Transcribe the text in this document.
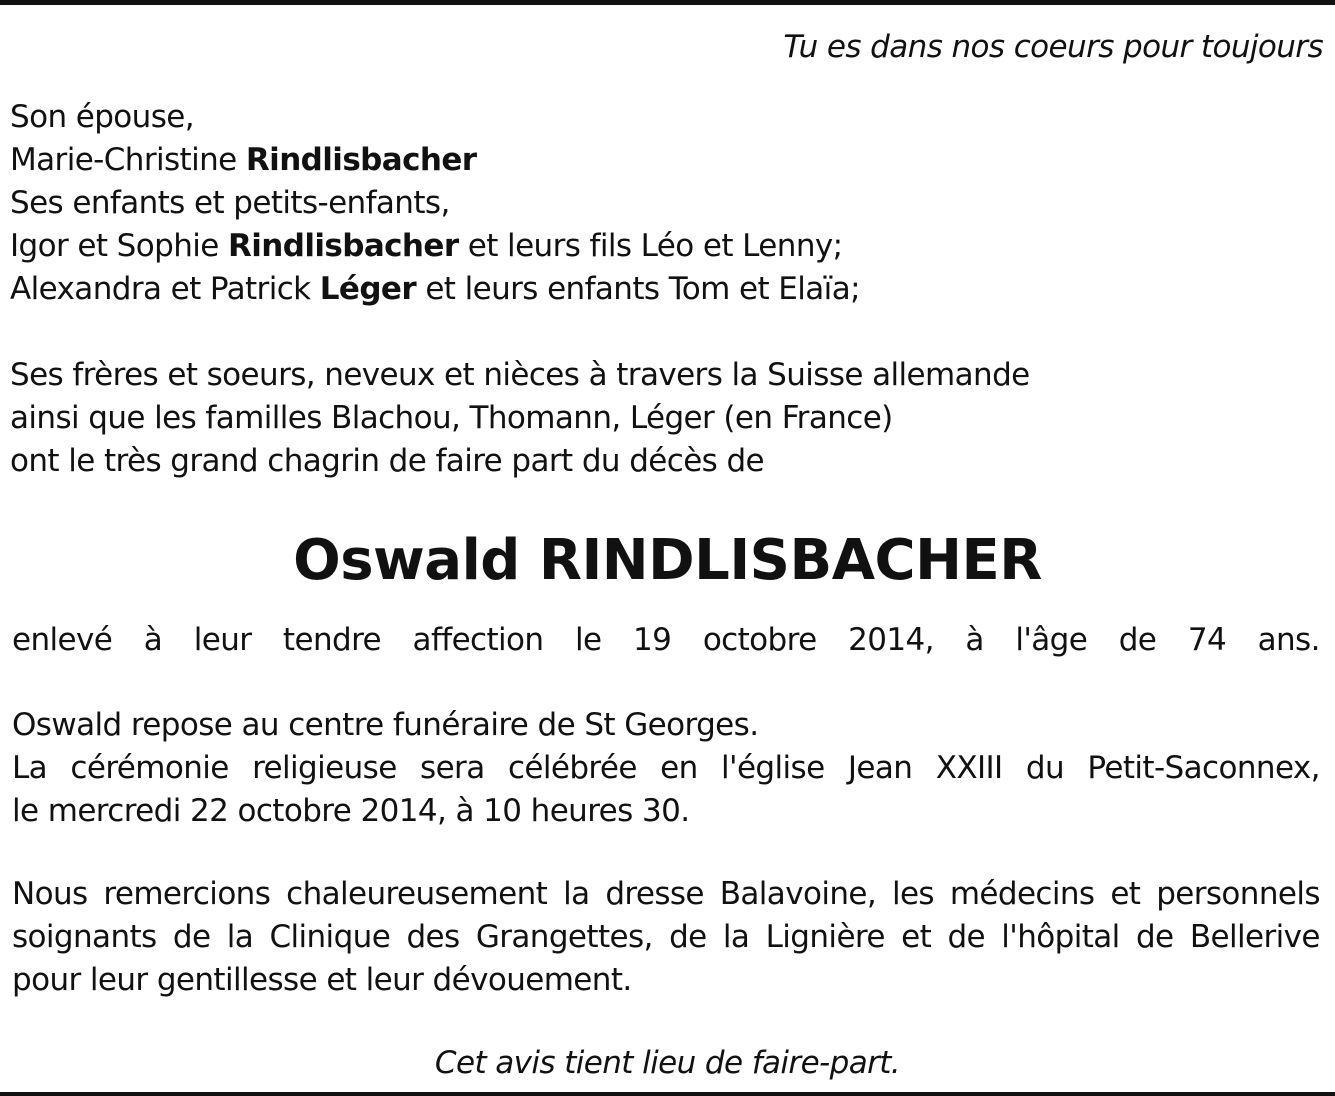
Tu es dans nos coeurs pour toujours
Son épouse,
Marie-Christine Rindlisbacher
Ses enfants et petits-enfants,
Igor et Sophie Rindlisbacher et leurs fils Léo et Lenny;
Alexandra et Patrick Léger et leurs enfants Tom et Elaïa;
Ses frères et soeurs, neveux et nièces à travers la Suisse allemande
ainsi que les familles Blachou, Thomann, Léger (en France)
ont le très grand chagrin de faire part du décès de
Oswald RINDLISBACHER
enlevé à leur tendre affection le 19 octobre 2014, à l'âge de 74 ans.
Oswald repose au centre funéraire de St Georges.
La cérémonie religieuse sera célébrée en l'église Jean XXIII du Petit-Saconnex,
le mercredi 22 octobre 2014, à 10 heures 30.
Nous remercions chaleureusement la dresse Balavoine, les médecins et personnels
soignants de la Clinique des Grangettes, de la Lignière et de l'hôpital de Bellerive
pour leur gentillesse et leur dévouement.
Cet avis tient lieu de faire-part.
